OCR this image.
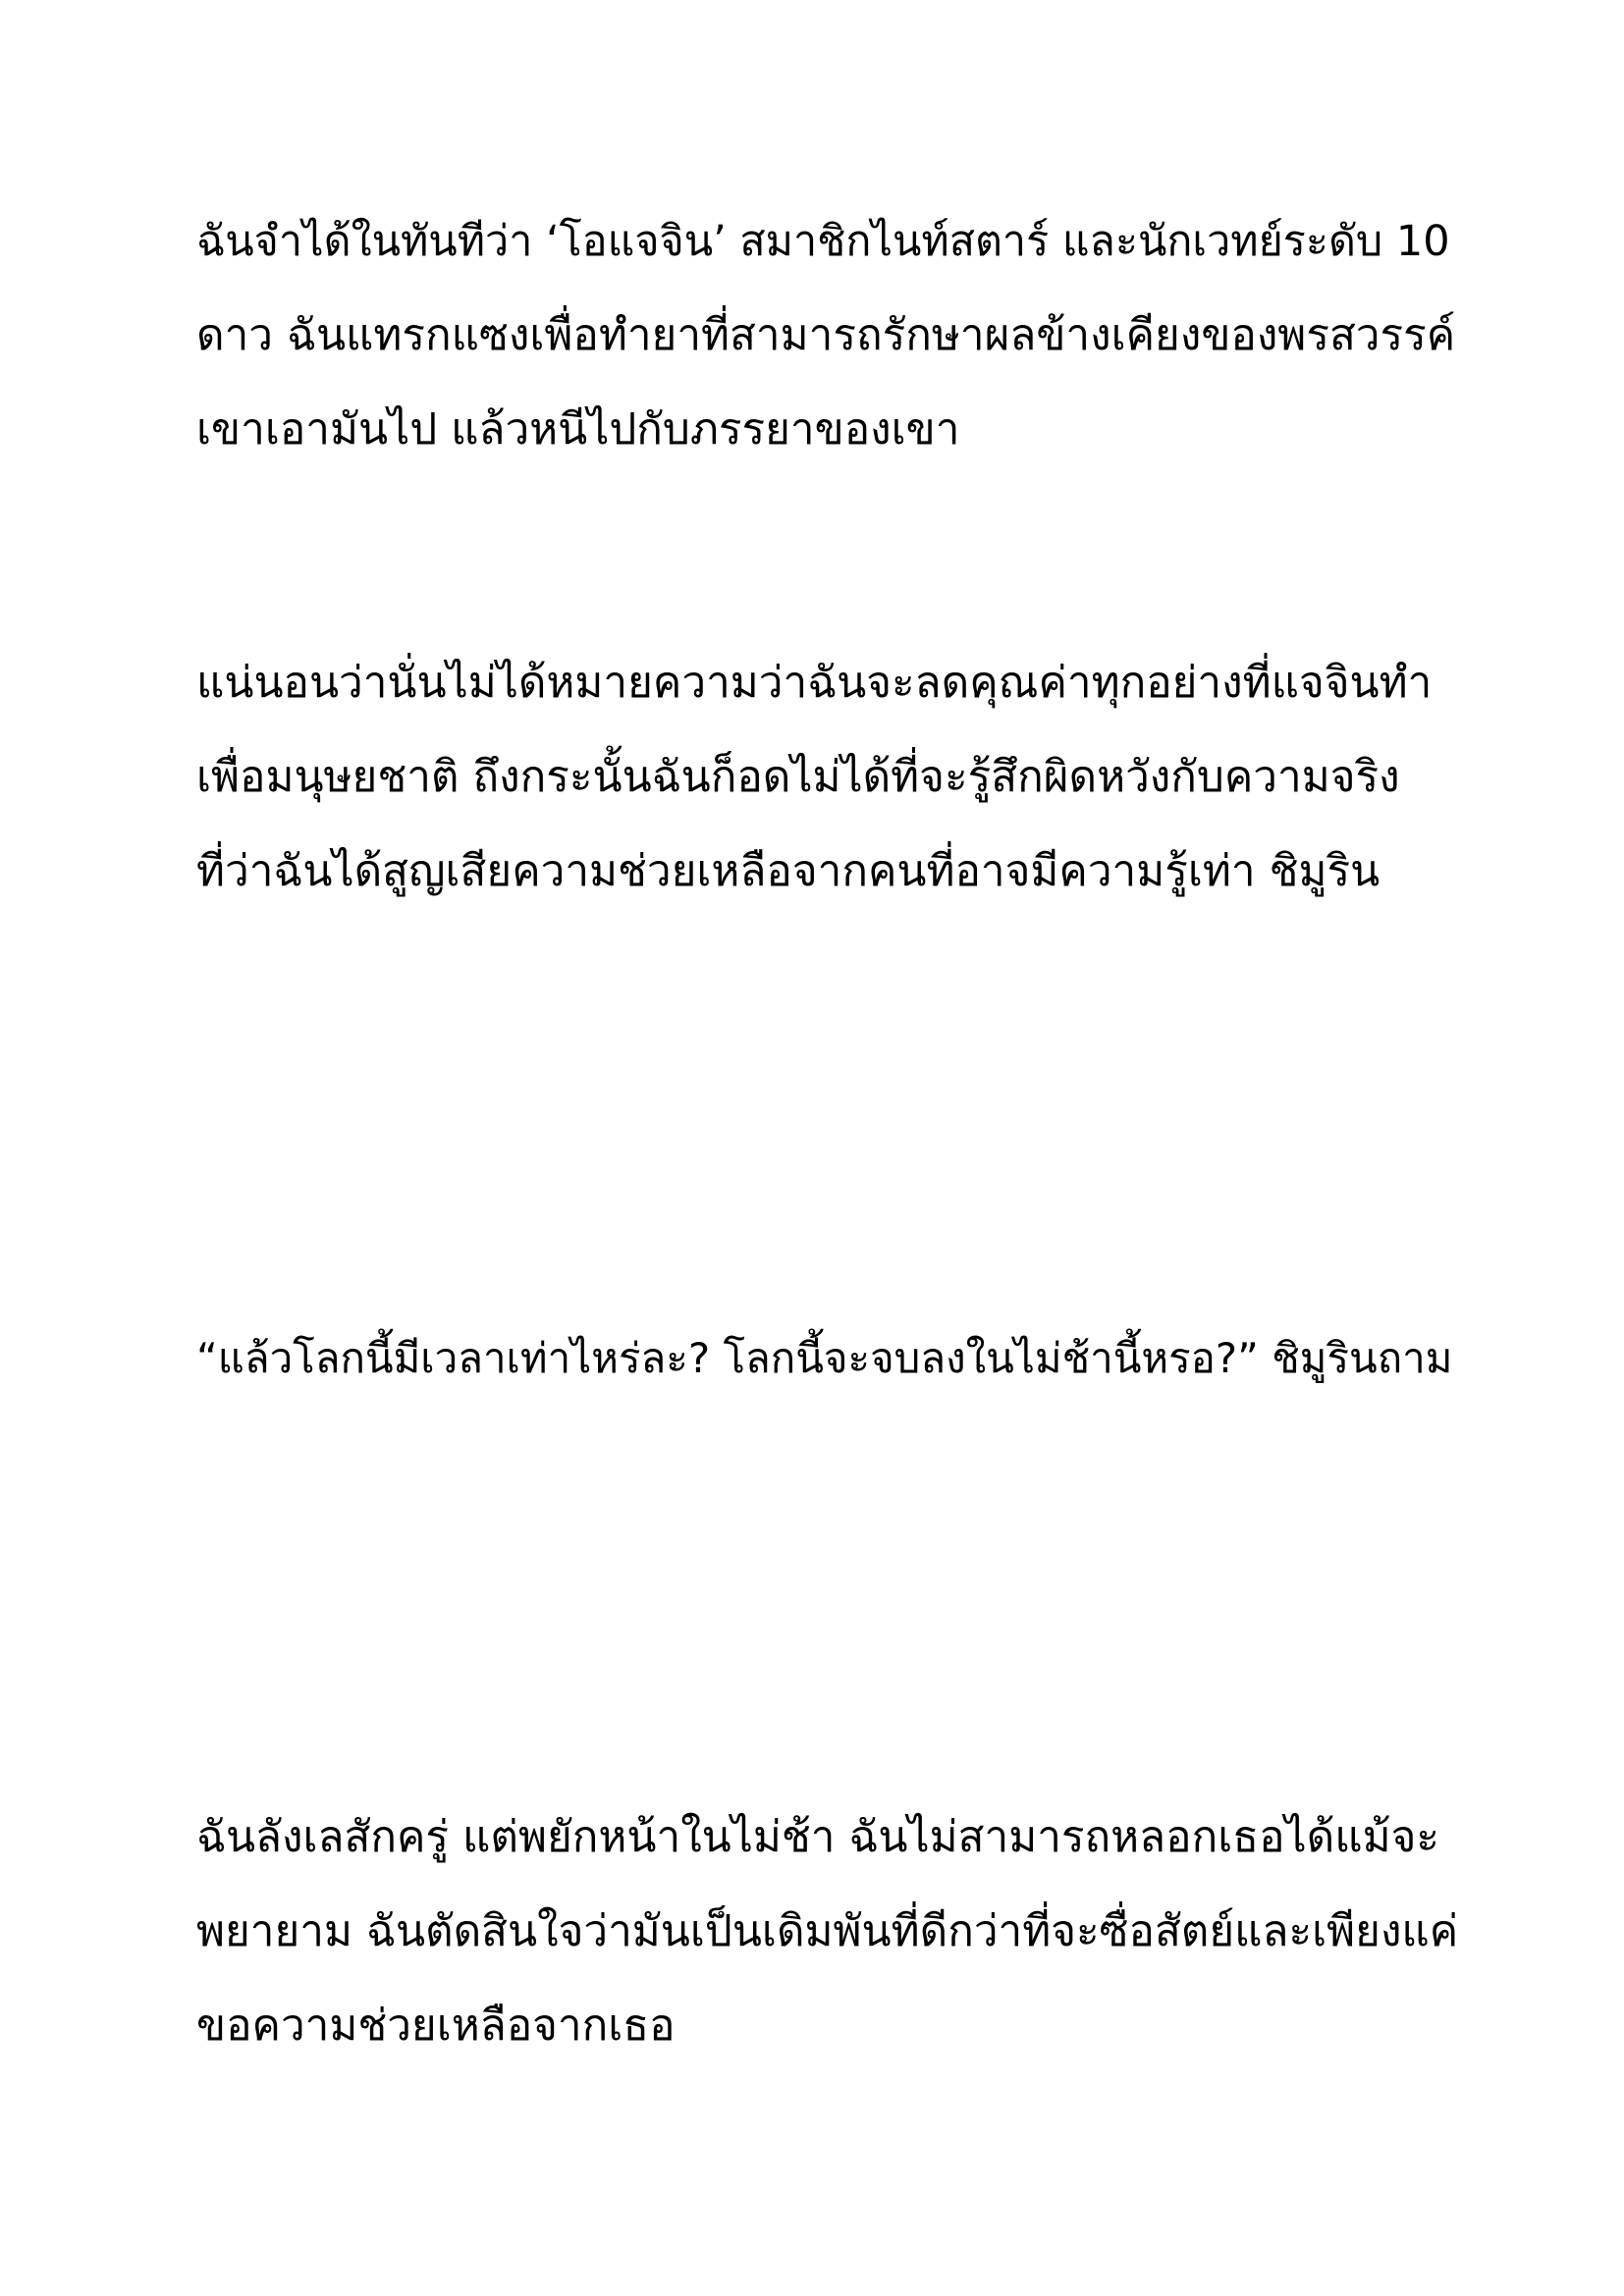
ฉันจำได้ในทันทีว่า ‘โอแจจิน’ สมาชิกไนท์สตาร์ และนักเวทย์ระดับ 10
ดาว ฉันแทรกแซงเพื่อทำยาที่สามารถรักษาผลข้างเคียงของพรสวรรค์
เขาเอามันไป แล้วหนีไปกับภรรยาของเขา

แน่นอนว่านั่นไม่ได้หมายความว่าฉันจะลดคุณค่าทุกอย่างที่แจจินทำ
เพื่อมนุษยชาติ ถึงกระนั้นฉันก็อดไม่ได้ที่จะรู้สึกผิดหวังกับความจริง
ที่ว่าฉันได้สูญเสียความช่วยเหลือจากคนที่อาจมีความรู้เท่า ชิมูริน

“แล้วโลกนี้มีเวลาเท่าไหร่ละ? โลกนี้จะจบลงในไม่ช้านี้หรอ?” ชิมูรินถาม

ฉันลังเลสักครู่ แต่พยักหน้าในไม่ช้า ฉันไม่สามารถหลอกเธอได้แม้จะ
พยายาม ฉันตัดสินใจว่ามันเป็นเดิมพันที่ดีกว่าที่จะซื่อสัตย์และเพียงแค่
ขอความช่วยเหลือจากเธอ
